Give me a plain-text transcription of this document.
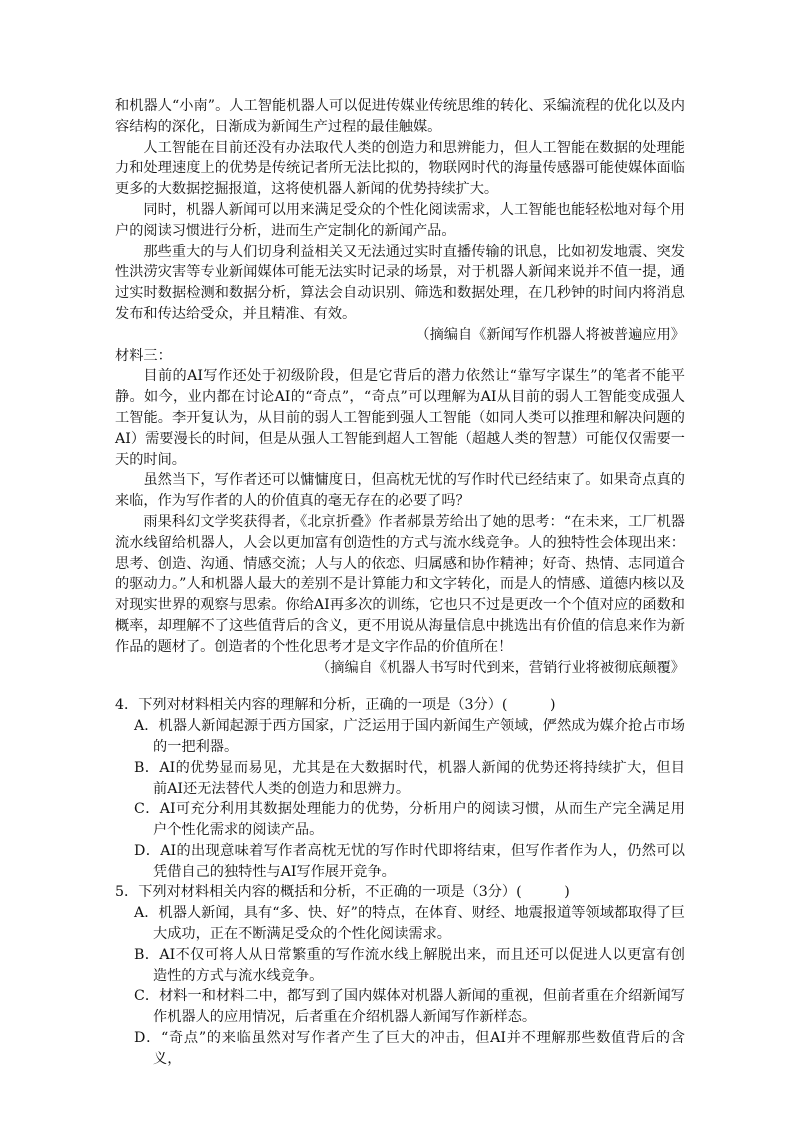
和机器人“小南”。人工智能机器人可以促进传媒业传统思维的转化、采编流程的优化以及内容结构的深化，日渐成为新闻生产过程的最佳触媒。

人工智能在目前还没有办法取代人类的创造力和思辨能力，但人工智能在数据的处理能力和处理速度上的优势是传统记者所无法比拟的，物联网时代的海量传感器可能使媒体面临更多的大数据挖掘报道，这将使机器人新闻的优势持续扩大。

同时，机器人新闻可以用来满足受众的个性化阅读需求，人工智能也能轻松地对每个用户的阅读习惯进行分析，进而生产定制化的新闻产品。

那些重大的与人们切身利益相关又无法通过实时直播传输的讯息，比如初发地震、突发性洪涝灾害等专业新闻媒体可能无法实时记录的场景，对于机器人新闻来说并不值一提，通过实时数据检测和数据分析，算法会自动识别、筛选和数据处理，在几秒钟的时间内将消息发布和传达给受众，并且精准、有效。

（摘编自《新闻写作机器人将被普遍应用》

材料三：

目前的AI写作还处于初级阶段，但是它背后的潜力依然让“靠写字谋生”的笔者不能平静。如今，业内都在讨论AI的“奇点”，“奇点”可以理解为AI从目前的弱人工智能变成强人工智能。李开复认为，从目前的弱人工智能到强人工智能（如同人类可以推理和解决问题的AI）需要漫长的时间，但是从强人工智能到超人工智能（超越人类的智慧）可能仅仅需要一天的时间。

虽然当下，写作者还可以慵慵度日，但高枕无忧的写作时代已经结束了。如果奇点真的来临，作为写作者的人的价值真的毫无存在的必要了吗？

雨果科幻文学奖获得者，《北京折叠》作者郝景芳给出了她的思考：“在未来，工厂机器流水线留给机器人，人会以更加富有创造性的方式与流水线竞争。人的独特性会体现出来：思考、创造、沟通、情感交流；人与人的依恋、归属感和协作精神；好奇、热情、志同道合的驱动力。”人和机器人最大的差别不是计算能力和文字转化，而是人的情感、道德内核以及对现实世界的观察与思索。你给AI再多次的训练，它也只不过是更改一个个值对应的函数和概率，却理解不了这些值背后的含义，更不用说从海量信息中挑选出有价值的信息来作为新作品的题材了。创造者的个性化思考才是文字作品的价值所在！

（摘编自《机器人书写时代到来，营销行业将被彻底颠覆》

4．下列对材料相关内容的理解和分析，正确的一项是（3分）(　　　)

A．机器人新闻起源于西方国家，广泛运用于国内新闻生产领域，俨然成为媒介抢占市场的一把利器。

B．AI的优势显而易见，尤其是在大数据时代，机器人新闻的优势还将持续扩大，但目前AI还无法替代人类的创造力和思辨力。

C．AI可充分利用其数据处理能力的优势，分析用户的阅读习惯，从而生产完全满足用户个性化需求的阅读产品。

D．AI的出现意味着写作者高枕无忧的写作时代即将结束，但写作者作为人，仍然可以凭借自己的独特性与AI写作展开竞争。

5．下列对材料相关内容的概括和分析，不正确的一项是（3分）(　　　)

A．机器人新闻，具有“多、快、好”的特点，在体育、财经、地震报道等领域都取得了巨大成功，正在不断满足受众的个性化阅读需求。

B．AI不仅可将人从日常繁重的写作流水线上解脱出来，而且还可以促进人以更富有创造性的方式与流水线竞争。

C．材料一和材料二中，都写到了国内媒体对机器人新闻的重视，但前者重在介绍新闻写作机器人的应用情况，后者重在介绍机器人新闻写作新样态。

D．“奇点”的来临虽然对写作者产生了巨大的冲击，但AI并不理解那些数值背后的含义，
